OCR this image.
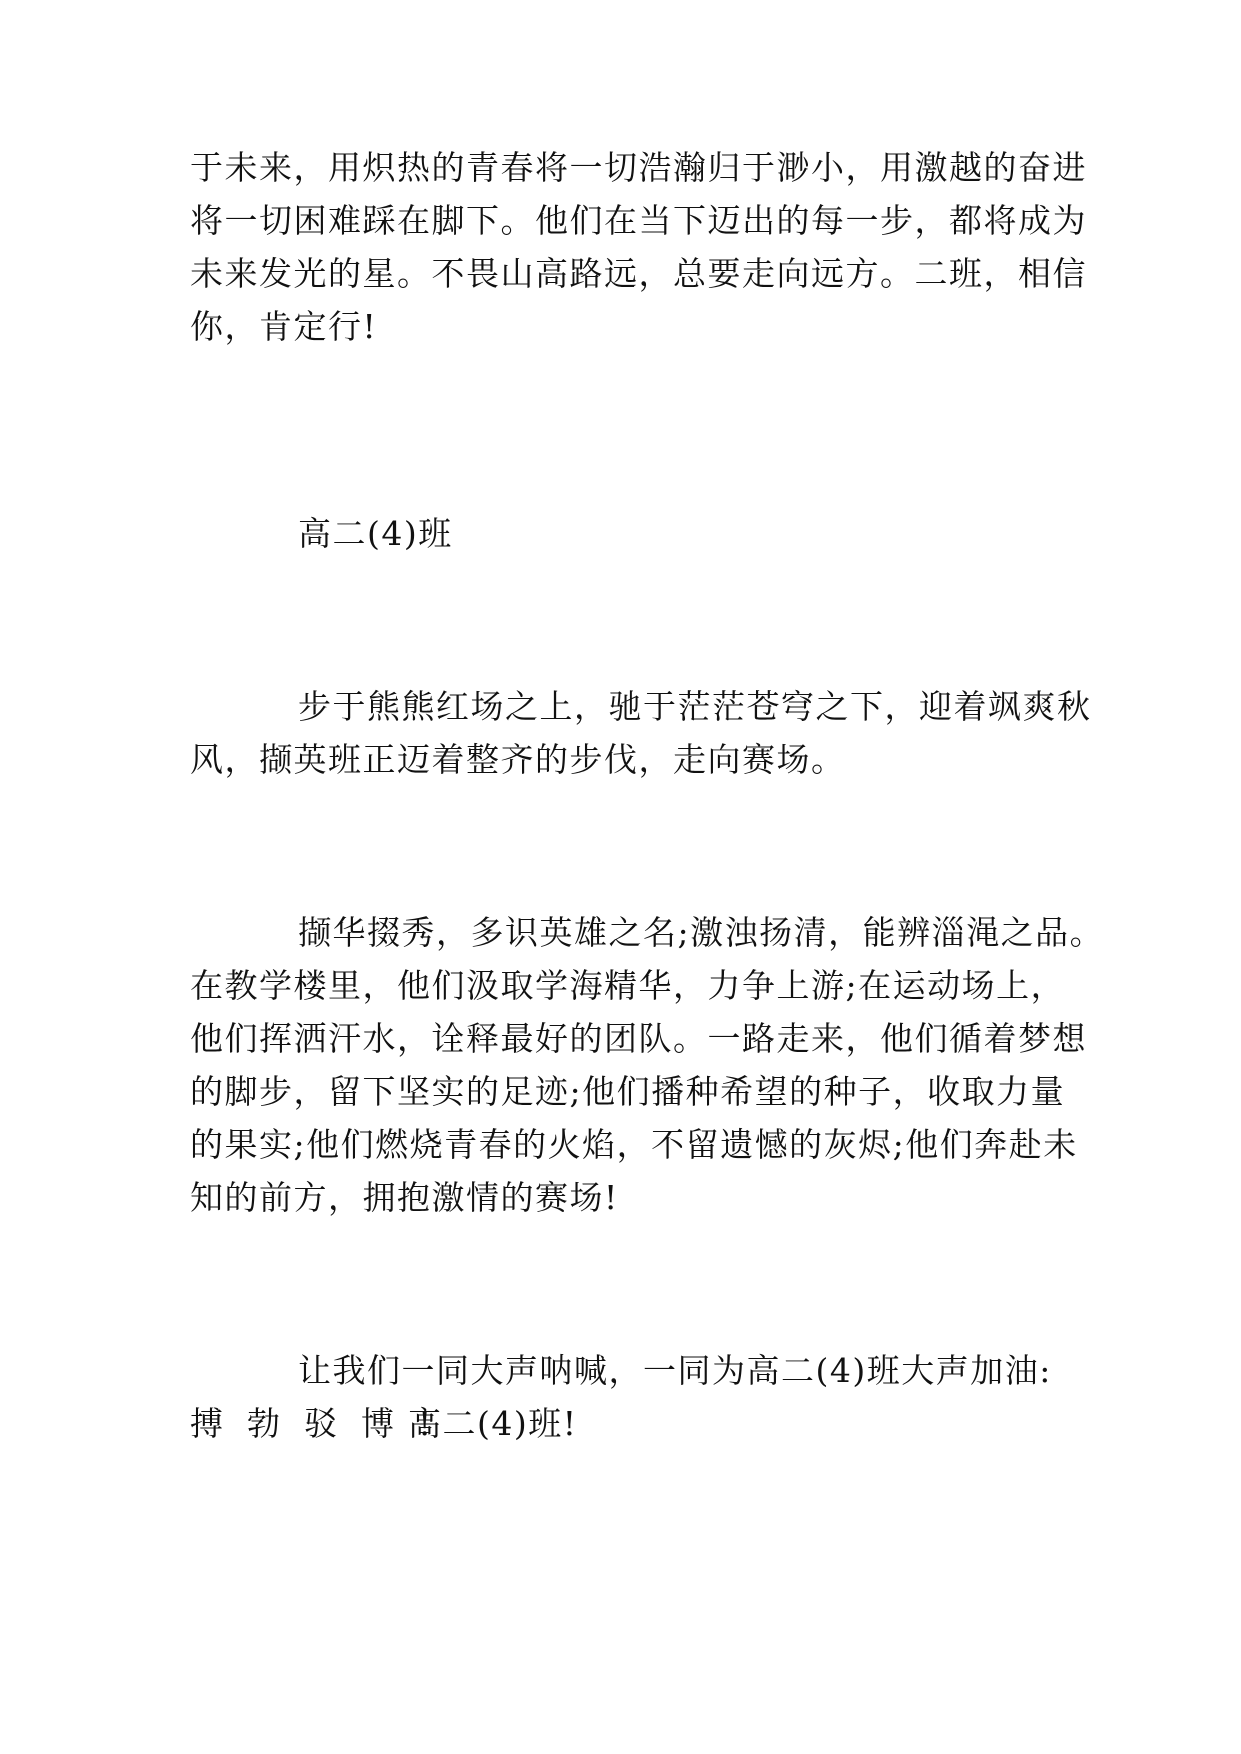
于未来，用炽热的青春将一切浩瀚归于渺小，用激越的奋进
将一切困难踩在脚下。他们在当下迈出的每一步，都将成为
未来发光的星。不畏山高路远，总要走向远方。二班，相信
你，肯定行!
高二(4)班
步于熊熊红场之上，驰于茫茫苍穹之下，迎着飒爽秋
风，撷英班正迈着整齐的步伐，走向赛场。
撷华掇秀，多识英雄之名;激浊扬清，能辨淄渑之品。
在教学楼里，他们汲取学海精华，力争上游;在运动场上，
他们挥洒汗水，诠释最好的团队。一路走来，他们循着梦想
的脚步，留下坚实的足迹;他们播种希望的种子，收取力量
的果实;他们燃烧青春的火焰，不留遗憾的灰烬;他们奔赴未
知的前方，拥抱激情的赛场!
让我们一同大声呐喊，一同为高二(4)班大声加油:
搏勃驳博!
高二(4)班!
